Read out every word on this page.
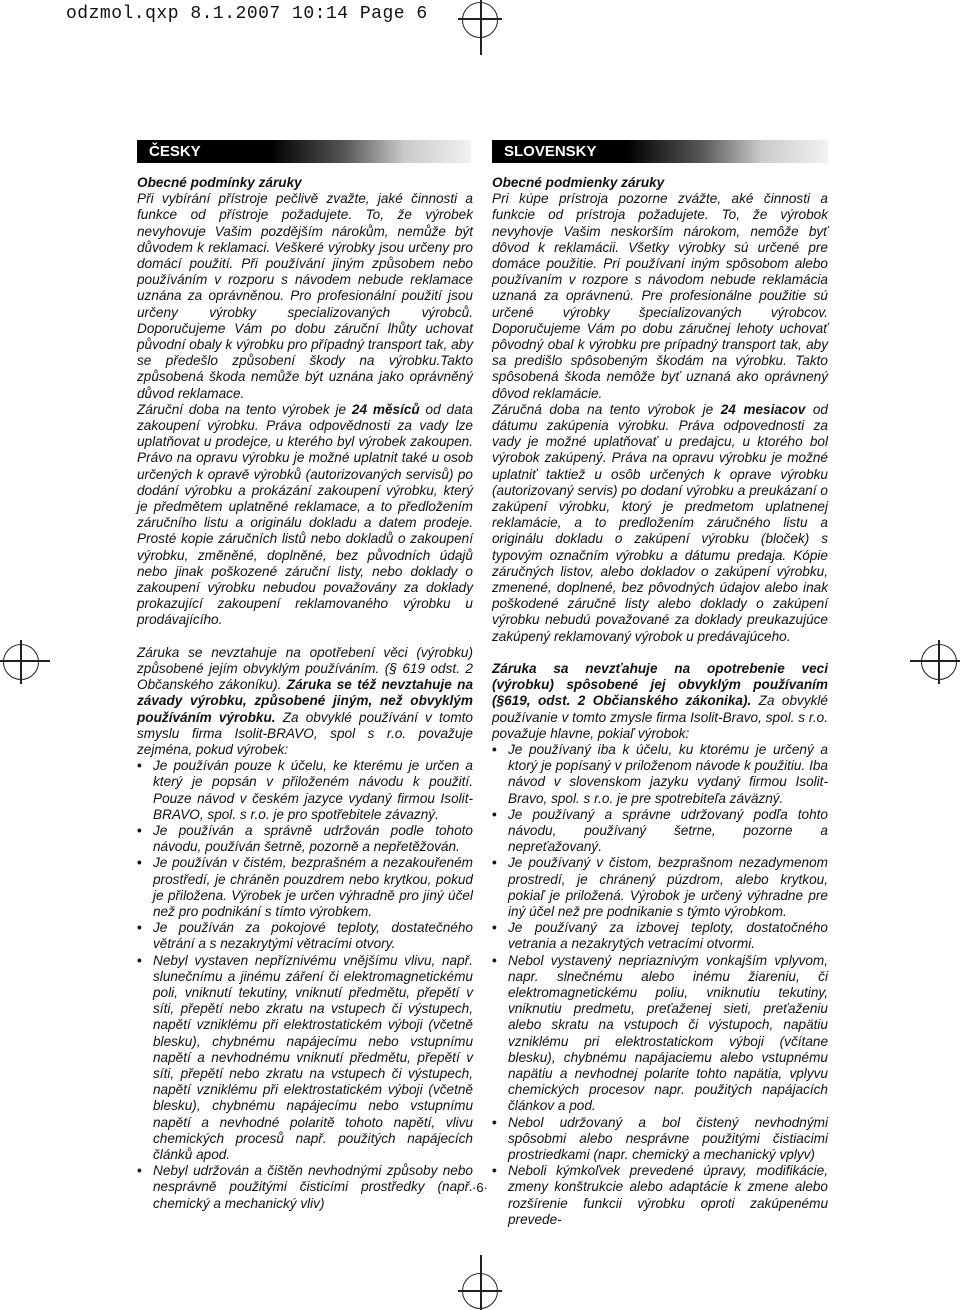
odzmol.qxp 8.1.2007 10:14 Page 6
ČESKY	SLOVENSKY

Obecné podmínky záruky

Při vybírání přístroje pečlivě zvažte, jaké činnosti a funkce od přístroje požadujete. To, že výrobek nevyhovuje Vašim pozdějším nárokům, nemůže být důvodem k reklamaci. Veškeré výrobky jsou určeny pro domácí použití. Při používání jiným způsobem nebo používáním v rozporu s návodem nebude reklamace uznána za oprávněnou. Pro profesionální použití jsou určeny výrobky specializovaných výrobců. Doporučujeme Vám po dobu záruční lhůty uchovat původní obaly k výrobku pro případný transport tak, aby se předešlo způsobení škody na výrobku.Takto způsobená škoda nemůže být uznána jako oprávněný důvod reklamace.

Záruční doba na tento výrobek je 24 měsíců od data zakoupení výrobku. Práva odpovědnosti za vady lze uplatňovat u prodejce, u kterého byl výrobek zakoupen. Právo na opravu výrobku je možné uplatnit také u osob určených k opravě výrobků (autorizovaných servisů) po dodání výrobku a prokázání zakoupení výrobku, který je předmětem uplatněné reklamace, a to předložením záručního listu a originálu dokladu a datem prodeje. Prosté kopie záručních listů nebo dokladů o zakoupení výrobku, změněné, doplněné, bez původních údajů nebo jinak poškozené záruční listy, nebo doklady o zakoupení výrobku nebudou považovány za doklady prokazující zakoupení reklamovaného výrobku u prodávajícího.

Záruka se nevztahuje na opotřebení věci (výrobku) způsobené jejím obvyklým používáním. (§ 619 odst. 2 Občanského zákoníku). Záruka se též nevztahuje na závady výrobku, způsobené jiným, než obvyklým používáním výrobku. Za obvyklé používání v tomto smyslu firma Isolit-BRAVO, spol s r.o. považuje zejména, pokud výrobek:

• Je používán pouze k účelu, ke kterému je určen a který je popsán v přiloženém návodu k použití. Pouze návod v českém jazyce vydaný firmou Isolit-BRAVO, spol. s r.o. je pro spotřebitele závazný.
• Je používán a správně udržován podle tohoto návodu, používán šetrně, pozorně a nepřetěžován.
• Je používán v čistém, bezprašném a nezakouřeném prostředí, je chráněn pouzdrem nebo krytkou, pokud je přiložena. Výrobek je určen výhradně pro jiný účel než pro podnikání s tímto výrobkem.
• Je používán za pokojové teploty, dostatečného větrání a s nezakrytými větracími otvory.
• Nebyl vystaven nepříznivému vnějšímu vlivu, např. slunečnímu a jinému záření či elektromagnetickému poli, vniknutí tekutiny, vniknutí předmětu, přepětí v síti, přepětí nebo zkratu na vstupech či výstupech, napětí vzniklému při elektrostatickém výboji (včetně blesku), chybnému napájecímu nebo vstupnímu napětí a nevhodnému vniknutí předmětu, přepětí v síti, přepětí nebo zkratu na vstupech či výstupech, napětí vzniklému při elektrostatickém výboji (včetně blesku), chybnému napájecímu nebo vstupnímu napětí a nevhodné polaritě tohoto napětí, vlivu chemických procesů např. použitých napájecích článků apod.
• Nebyl udržován a čištěn nevhodnými způsoby nebo nesprávně použitými čisticími prostředky (např. chemický a mechanický vliv)

Obecné podmienky záruky

Pri kúpe prístroja pozorne zvážte, aké činnosti a funkcie od prístroja požadujete. To, že výrobok nevyhovje Vašim neskorším nárokom, nemôže byť dôvod k reklamácii. Všetky výrobky sú určené pre domáce použitie. Pri používaní iným spôsobom alebo používaním v rozpore s návodom nebude reklamácia uznaná za oprávnenú. Pre profesionálne použitie sú určené výrobky špecializovaných výrobcov. Doporučujeme Vám po dobu záručnej lehoty uchovať pôvodný obal k výrobku pre prípadný transport tak, aby sa predišlo spôsobeným škodám na výrobku. Takto spôsobená škoda nemôže byť uznaná ako oprávnený dôvod reklamácie.

Záručná doba na tento výrobok je 24 mesiacov od dátumu zakúpenia výrobku. Práva odpovednosti za vady je možné uplatňovať u predajcu, u ktorého bol výrobok zakúpený. Práva na opravu výrobku je možné uplatniť taktiež u osôb určených k oprave výrobku (autorizovaný servis) po dodaní výrobku a preukázaní o zakúpení výrobku, ktorý je predmetom uplatnenej reklamácie, a to predložením záručného listu a originálu dokladu o zakúpení výrobku (bloček) s typovým označním výrobku a dátumu predaja. Kópie záručných listov, alebo dokladov o zakúpení výrobku, zmenené, doplnené, bez pôvodných údajov alebo inak poškodené záručné listy alebo doklady o zakúpení výrobku nebudú považované za doklady preukazujúce zakúpený reklamovaný výrobok u predávajúceho.

Záruka sa nevzťahuje na opotrebenie veci (výrobku) spôsobené jej obvyklým používaním (§619, odst. 2 Občianského zákonika). Za obvyklé používanie v tomto zmysle firma Isolit-Bravo, spol. s r.o. považuje hlavne, pokiaľ výrobok:

• Je používaný iba k účelu, ku ktorému je určený a ktorý je popísaný v priloženom návode k použitiu. Iba návod v slovenskom jazyku vydaný firmou Isolit-Bravo, spol. s r.o. je pre spotrebiteľa záväzný.
• Je používaný a správne udržovaný podľa tohto návodu, používaný šetrne, pozorne a nepreťažovaný.
• Je používaný v čistom, bezprašnom nezadymenom prostredí, je chránený púzdrom, alebo krytkou, pokiaľ je priložená. Výrobok je určený výhradne pre iný účel než pre podnikanie s týmto výrobkom.
• Je používaný za izbovej teploty, dostatočného vetrania a nezakrytých vetracími otvormi.
• Nebol vystavený nepriaznivým vonkajším vplyvom, napr. slnečnému alebo inému žiareniu, či elektromagnetickému poliu, vniknutiu tekutiny, vniknutiu predmetu, preťaženej sieti, preťaženiu alebo skratu na vstupoch či výstupoch, napätiu vzniklému pri elektrostatickom výboji (včítane blesku), chybnému napájaciemu alebo vstupnému napätiu a nevhodnej polarite tohto napätia, vplyvu chemických procesov napr. použitých napájacích článkov a pod.
• Nebol udržovaný a bol čistený nevhodnými spôsobmi alebo nesprávne použitými čistiacimi prostriedkami (napr. chemický a mechanický vplyv)
• Neboli kýmkoľvek prevedené úpravy, modifikácie, zmeny konštrukcie alebo adaptácie k zmene alebo rozšírenie funkcii výrobku oproti zakúpenému prevede-
·6·
